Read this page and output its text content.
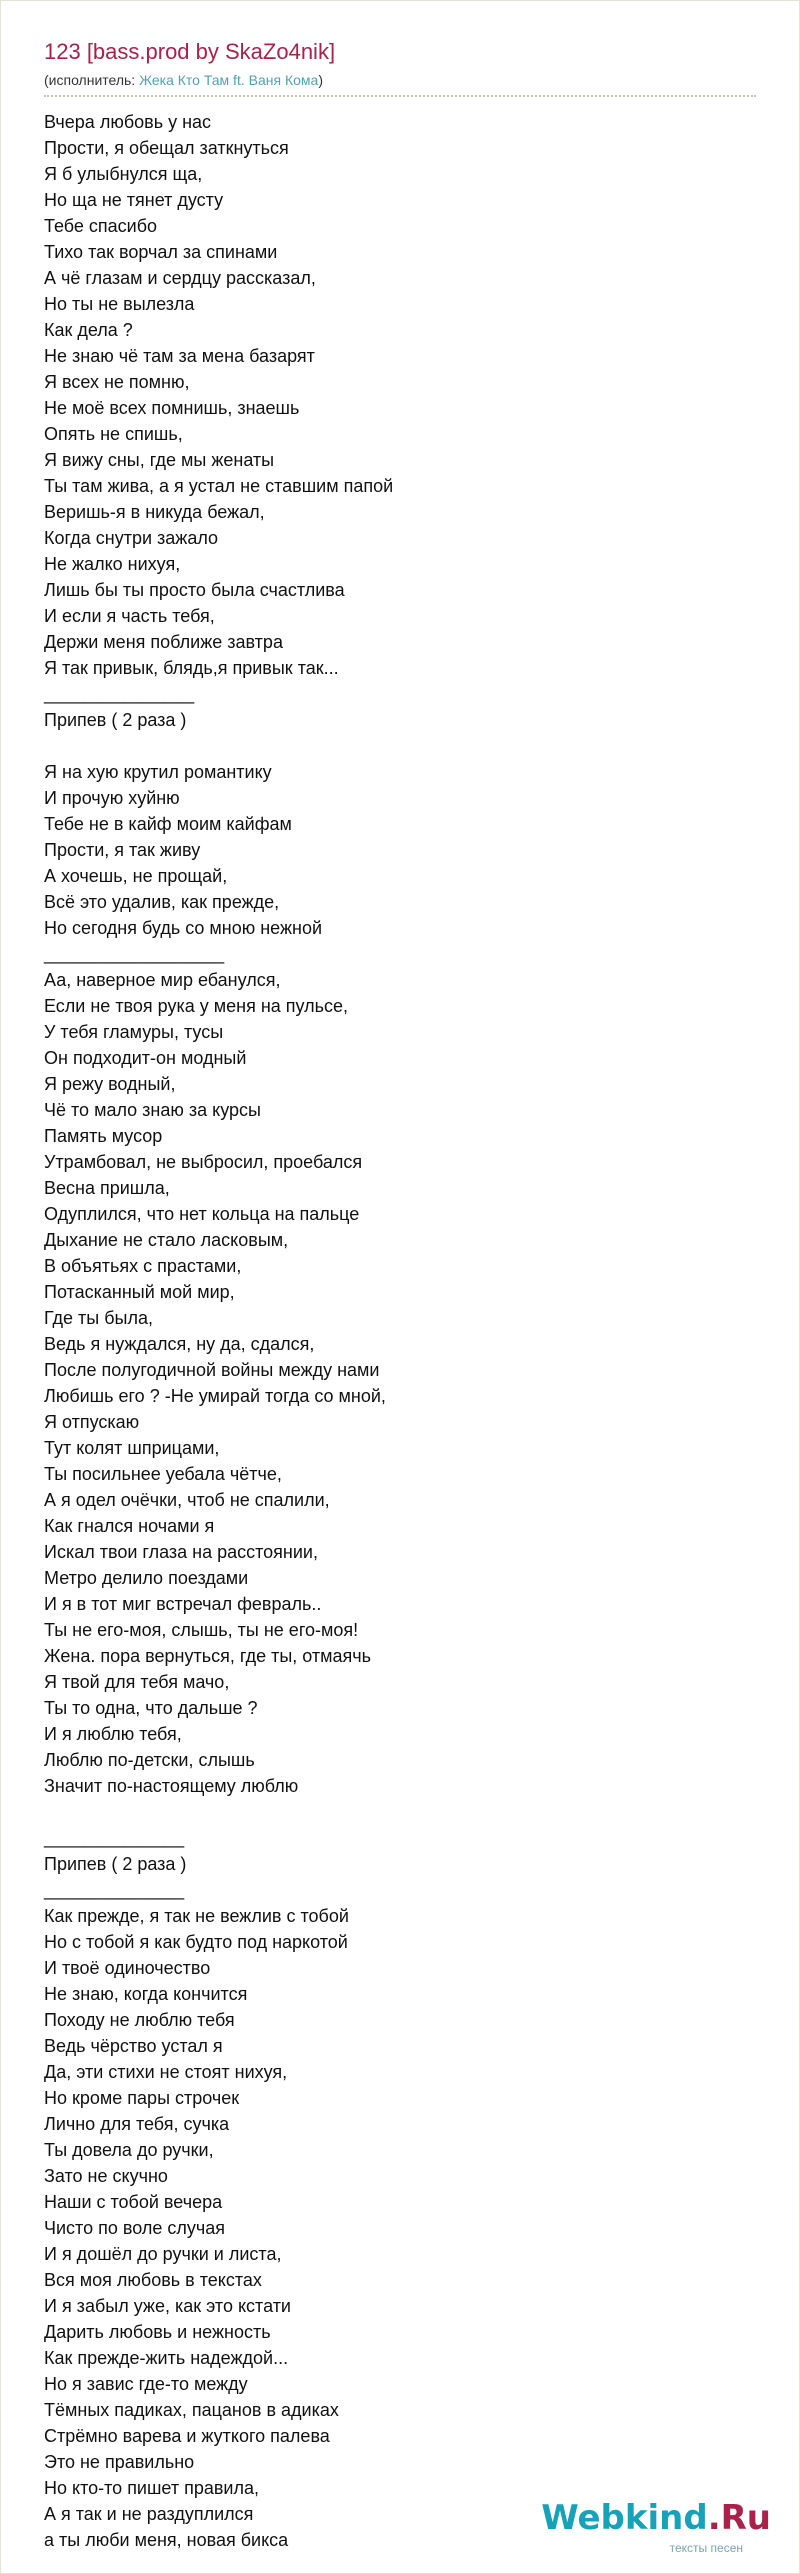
123 [bass.prod by SkaZo4nik]
(исполнитель: Жека Кто Там ft. Ваня Кома)
Вчера любовь у нас
Прости, я обещал заткнуться
Я б улыбнулся ща,
Но ща не тянет дусту
Тебе спасибо
Тихо так ворчал за спинами
А чё глазам и сердцу рассказал,
Но ты не вылезла
Как дела ?
Не знаю чё там за мена базарят
Я всех не помню,
Не моё всех помнишь, знаешь
Опять не спишь,
Я вижу сны, где мы женаты
Ты там жива, а я устал не ставшим папой
Веришь-я в никуда бежал,
Когда снутри зажало
Не жалко нихуя,
Лишь бы ты просто была счастлива
И если я часть тебя,
Держи меня поближе завтра
Я так привык, блядь,я привык так...
_______________
Припев ( 2 раза )
Я на хую крутил романтику
И прочую хуйню
Тебе не в кайф моим кайфам
Прости, я так живу
А хочешь, не прощай,
Всё это удалив, как прежде,
Но сегодня будь со мною нежной
__________________
Аа, наверное мир ебанулся,
Если не твоя рука у меня на пульсе,
У тебя гламуры, тусы
Он подходит-он модный
Я режу водный,
Чё то мало знаю за курсы
Память мусор
Утрамбовал, не выбросил, проебался
Весна пришла,
Одуплился, что нет кольца на пальце
Дыхание не стало ласковым,
В объятьях с прастами,
Потасканный мой мир,
Где ты была,
Ведь я нуждался, ну да, сдался,
После полугодичной войны между нами
Любишь его ? -Не умирай тогда со мной,
Я отпускаю
Тут колят шприцами,
Ты посильнее уебала чётче,
А я одел очёчки, чтоб не спалили,
Как гнался ночами я
Искал твои глаза на расстоянии,
Метро делило поездами
И я в тот миг встречал февраль..
Ты не его-моя, слышь, ты не его-моя!
Жена. пора вернуться, где ты, отмаячь
Я твой для тебя мачо,
Ты то одна, что дальше ?
И я люблю тебя,
Люблю по-детски, слышь
Значит по-настоящему люблю
______________
Припев ( 2 раза )
______________
Как прежде, я так не вежлив с тобой
Но с тобой я как будто под наркотой
И твоё одиночество
Не знаю, когда кончится
Походу не люблю тебя
Ведь чёрство устал я
Да, эти стихи не стоят нихуя,
Но кроме пары строчек
Лично для тебя, сучка
Ты довела до ручки,
Зато не скучно
Наши с тобой вечера
Чисто по воле случая
И я дошёл до ручки и листа,
Вся моя любовь в текстах
И я забыл уже, как это кстати
Дарить любовь и нежность
Как прежде-жить надеждой...
Но я завис где-то между
Тёмных падиках, пацанов в адиках
Стрёмно варева и жуткого палева
Это не правильно
Но кто-то пишет правила,
А я так и не раздуплился
а ты люби меня, новая бикса
Webkind.Ru
тексты песен
